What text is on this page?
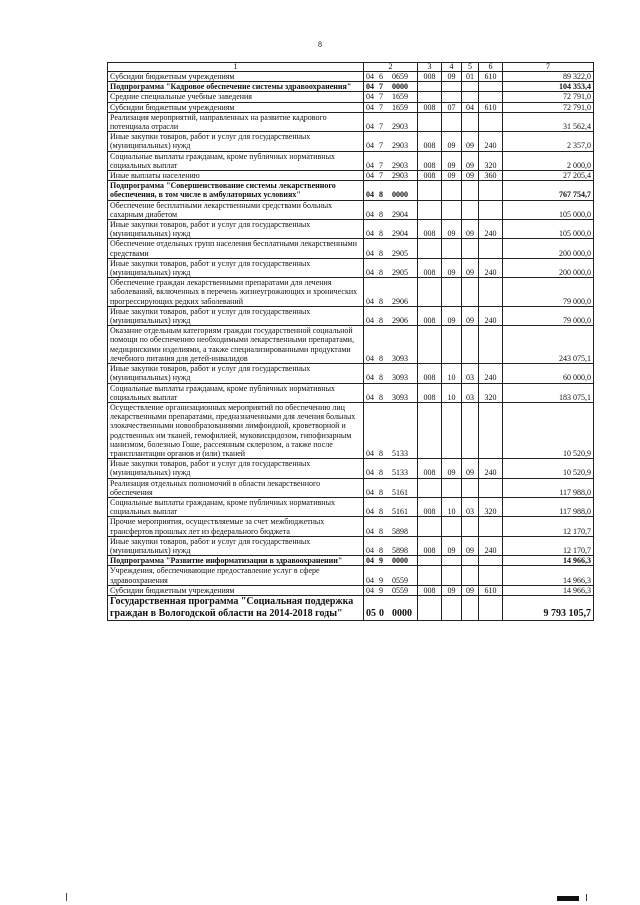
8
1	2	3	4	5	6	7
Субсидии бюджетным учреждениям	04 6 0659	008	09	01	610	89 322,0
Подпрограмма "Кадровое обеспечение системы здравоохранения"	04 7 0000					104 353,4
Средние специальные учебные заведения	04 7 1659					72 791,0
Субсидии бюджетным учреждениям	04 7 1659	008	07	04	610	72 791,0
Реализация мероприятий, направленных на развитие кадрового потенциала отрасли	04 7 2903					31 562,4
Иные закупки товаров, работ и услуг для государственных (муниципальных) нужд	04 7 2903	008	09	09	240	2 357,0
Социальные выплаты гражданам, кроме публичных нормативных социальных выплат	04 7 2903	008	09	09	320	2 000,0
Иные выплаты населению	04 7 2903	008	09	09	360	27 205,4
Подпрограмма "Совершенствование системы лекарственного обеспечения, в том числе в амбулаторных условиях"	04 8 0000					767 754,7
Обеспечение бесплатными лекарственными средствами больных сахарным диабетом	04 8 2904					105 000,0
Иные закупки товаров, работ и услуг для государственных (муниципальных) нужд	04 8 2904	008	09	09	240	105 000,0
Обеспечение отдельных групп населения бесплатными лекарственными средствами	04 8 2905					200 000,0
Иные закупки товаров, работ и услуг для государственных (муниципальных) нужд	04 8 2905	008	09	09	240	200 000,0
Обеспечение граждан лекарственными препаратами для лечения заболеваний, включенных в перечень жизнеугрожающих и хронических прогрессирующих редких заболеваний	04 8 2906					79 000,0
Иные закупки товаров, работ и услуг для государственных (муниципальных) нужд	04 8 2906	008	09	09	240	79 000,0
Оказание отдельным категориям граждан государственной социальной помощи по обеспечению необходимыми лекарственными препаратами, медицинскими изделиями, а также специализированными продуктами лечебного питания для детей-инвалидов	04 8 3093					243 075,1
Иные закупки товаров, работ и услуг для государственных (муниципальных) нужд	04 8 3093	008	10	03	240	60 000,0
Социальные выплаты гражданам, кроме публичных нормативных социальных выплат	04 8 3093	008	10	03	320	183 075,1
Осуществление организационных мероприятий по обеспечению лиц лекарственными препаратами, предназначенными для лечения больных злокачественными новообразованиями лимфоидной, кроветворной и родственных им тканей, гемофилией, муковисцидозом, гипофизарным нанизмом, болезнью Гоше, рассеянным склерозом, а также после трансплантации органов и (или) тканей	04 8 5133					10 520,9
Иные закупки товаров, работ и услуг для государственных (муниципальных) нужд	04 8 5133	008	09	09	240	10 520,9
Реализация отдельных полномочий в области лекарственного обеспечения	04 8 5161					117 988,0
Социальные выплаты гражданам, кроме публичных нормативных социальных выплат	04 8 5161	008	10	03	320	117 988,0
Прочие мероприятия, осуществляемые за счет межбюджетных трансфертов прошлых лет из федерального бюджета	04 8 5898					12 170,7
Иные закупки товаров, работ и услуг для государственных (муниципальных) нужд	04 8 5898	008	09	09	240	12 170,7
Подпрограмма "Развитие информатизации в здравоохранении"	04 9 0000					14 966,3
Учреждения, обеспечивающие предоставление услуг в сфере здравоохранения	04 9 0559					14 966,3
Субсидии бюджетным учреждениям	04 9 0559	008	09	09	610	14 966,3
Государственная программа "Социальная поддержка граждан в Вологодской области на 2014-2018 годы"	05 0 0000					9 793 105,7
